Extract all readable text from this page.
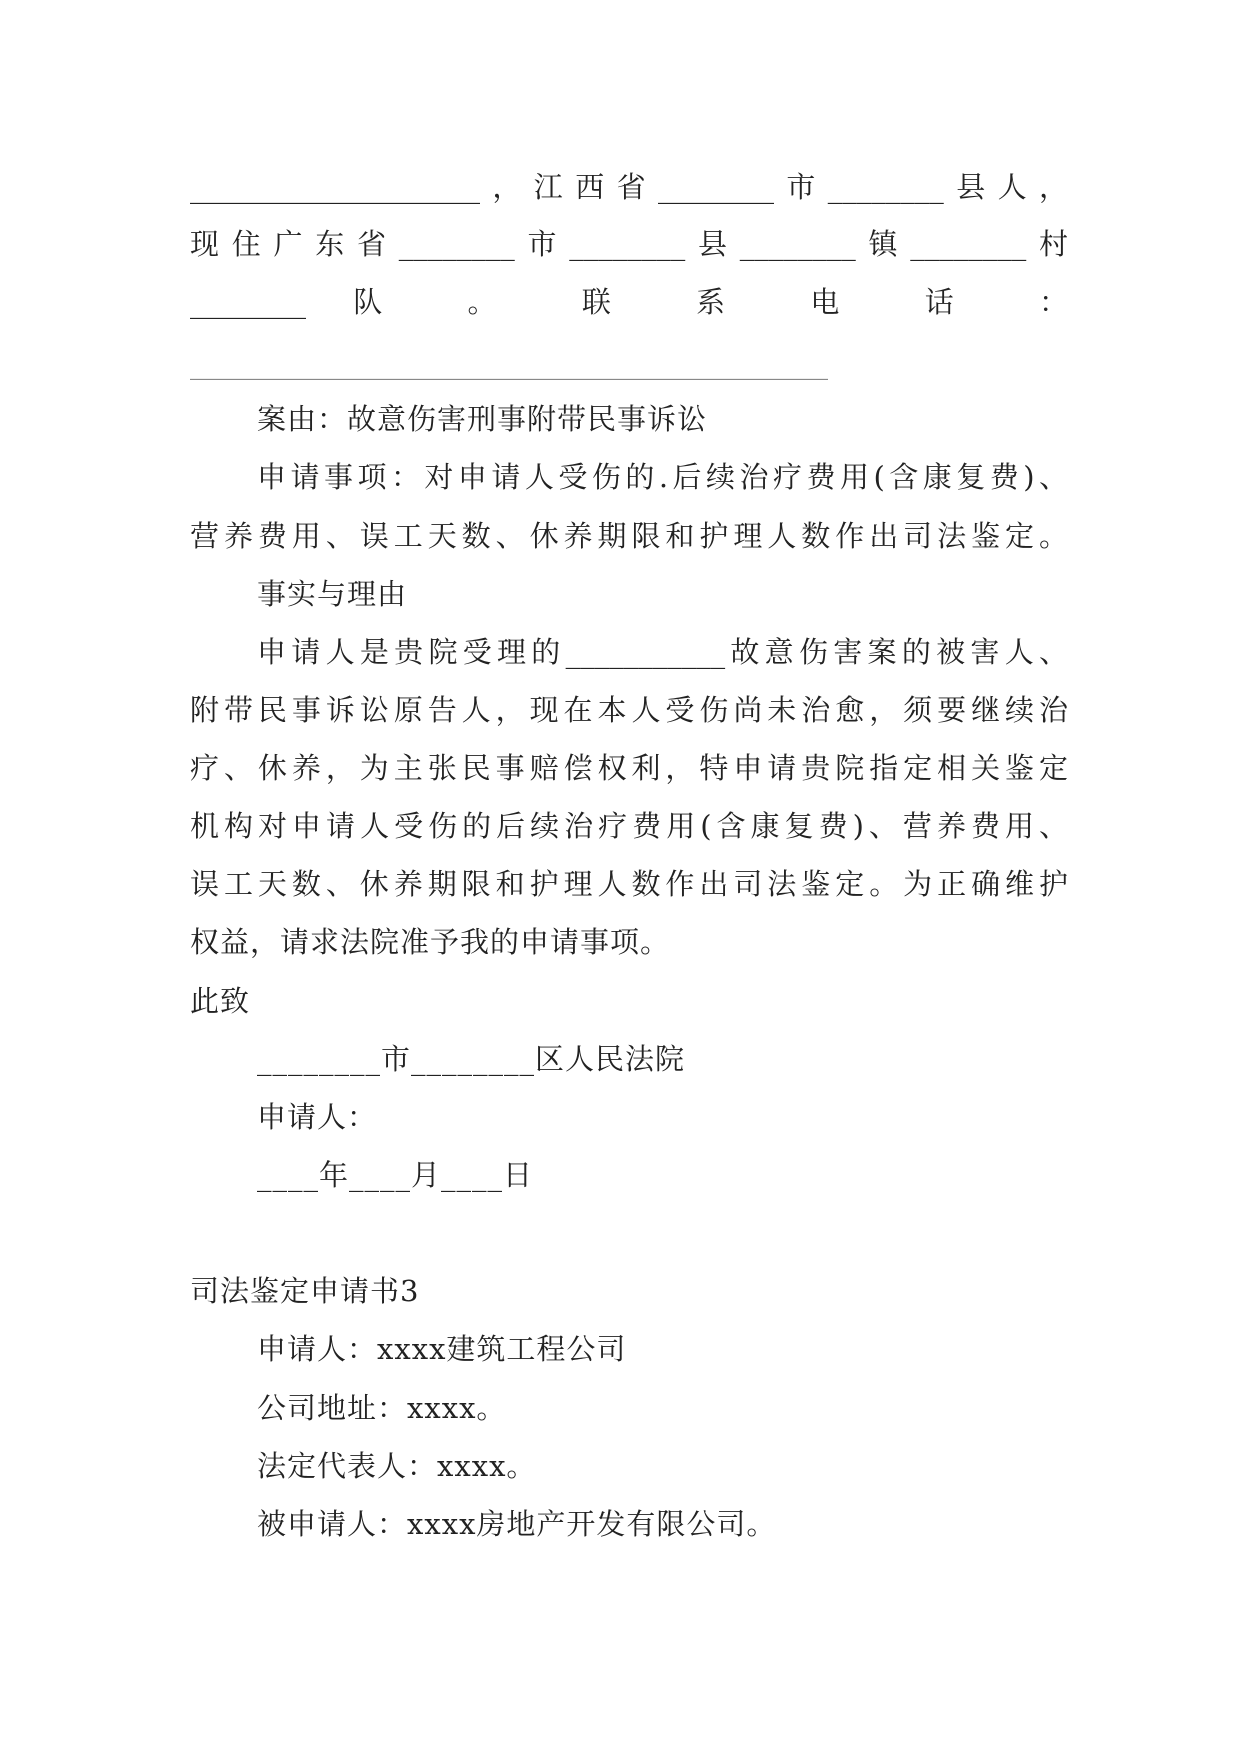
____________________，江西省________市________县人，
现住广东省________市________县________镇________村
________ 队 。 联 系 电 话 ：
____________________________________________
案由：故意伤害刑事附带民事诉讼
申请事项：对申请人受伤的.后续治疗费用(含康复费)、
营养费用、误工天数、休养期限和护理人数作出司法鉴定。
事实与理由
申请人是贵院受理的___________故意伤害案的被害人、
附带民事诉讼原告人，现在本人受伤尚未治愈，须要继续治
疗、休养，为主张民事赔偿权利，特申请贵院指定相关鉴定
机构对申请人受伤的后续治疗费用(含康复费)、营养费用、
误工天数、休养期限和护理人数作出司法鉴定。为正确维护
权益，请求法院准予我的申请事项。
此致
________市________区人民法院
申请人：
____年____月____日
司法鉴定申请书3
申请人：xxxx建筑工程公司
公司地址：xxxx。
法定代表人：xxxx。
被申请人：xxxx房地产开发有限公司。
